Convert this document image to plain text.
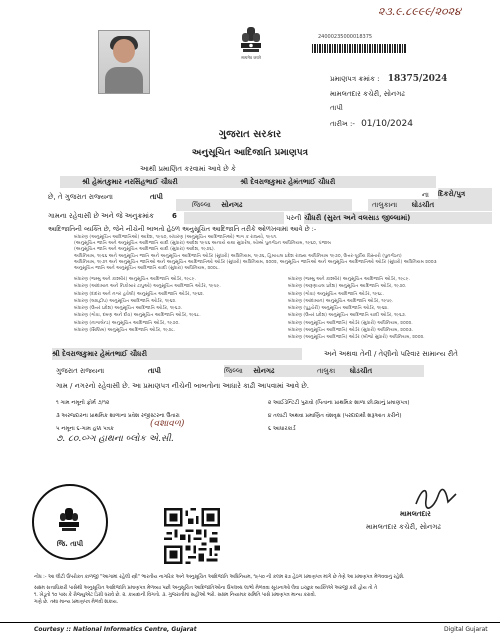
૨૩.૯.૮૯૯૯/૨૦૨૪
सत्यमेव जयते
24000235000018375
પ્રમાણપત્ર ક્રમાંક : 18375/2024
મામલતદાર કચેરી, સોનગઢ
તાપી
તારીખ :- 01/10/2024
ગુજરાત સરકાર
અનુસૂચિત આદિજાતિ પ્રમાણપત્ર
આથી પ્રમાણિત કરવામાં આવે છે કે
શ્રી હેમંતકુમાર નરસિંહભાઈ ચૌધરી	શ્રી દેવરાજકુમાર હેમંતભાઈ ચૌધરી
ના દિકરો/પુત્ર
છે, તે ગુજરાત રાજ્યના	તાપી
જિલ્લા સોનગઢ	તાલુકાના ઘોડચીત
ગામના રહેવાસી છે અને જે અનુક્રમાંક	6	પરની ચૌધરી (સુરત અને વલસાડ જીલ્લામાં)
આદિજાતિની વ્યક્તિ છે, જેને નીચેની બાબતો હેઠળ અનુસૂચિત આદિજાતિ તરીકે ઓળખવામાં આવે છે :-
બંધારણ (અનુસૂચિત આદિજાતિઓ) આદેશ, ૧૯૫૦, બંધારણ (અનુસૂચિત આદિજાતિઓ) ભાગ ક રાજ્યો, ૧૯૫૧.
(અનુસૂચિત જાતિ અને અનુસૂચિત આદિજાતિ યાદી (સુધારા) આદેશ ૧૯૫૬ અન્વયે યથા સુધારેલ, બોમ્બે પુનર્ગઠન અધિનિયમ, ૧૯૬૦, પંજાબ
(અનુસૂચિત જાતિ અને અનુસૂચિત આદિજાતિ યાદી (સુધારા) આદેશ, ૧૯૭૬).
અધિનિયમ, ૧૯૬૬ અને અનુસૂચિત જાતિ અને અનુસૂચિત આદિજાતિ ઓર્ડર (સુધારો) અધિનિયમ, ૧૯૭૬, હિમાચલ પ્રદેશ રાજ્ય અધિનિયમ ૧૯૭૦, ઉત્તર-પૂર્વીય વિસ્તારો (પુનર્ગઠન)
અધિનિયમ, ૧૯૭૧ અને અનુસૂચિત જાતિઓ અને અનુસૂચિત આદિજાતિઓ ઓર્ડર (સુધારો) અધિનિયમ, ૨૦૦૨, અનુસૂચિત જાતિઓ અને અનુસૂચિત આદિજાતિઓ ઓર્ડર (સુધારો) અધિનિયમ ૨૦૦૩
અનુસૂચિત જાતિ અને અનુસૂચિત આદિજાતિ યાદી (સુધારા) અધિનિયમ, ૨૦૦૮.
બંધારણ (જમ્મુ અને કાશ્મીર) અનુસૂચિત આદિજાતિ ઓર્ડર, ૧૯૮૯.
બંધારણ (આંદામાન અને નિકોબાર ટાપુઓ) અનુસૂચિત આદિજાતિ ઓર્ડર, ૧૯૫૯.
બંધારણ (દાદરા અને નગર હવેલી) અનુસૂચિત આદિજાતિ ઓર્ડર, ૧૯૬૨.
બંધારણ (લક્ષદ્વીપ) અનુસૂચિત આદિજાતિ ઓર્ડર, ૧૯૬૨.
બંધારણ (ઉત્તર પ્રદેશ) અનુસૂચિત આદિજાતિ ઓર્ડર, ૧૯૬૭.
બંધારણ (ગોવા, દમણ અને દીવ) અનુસૂચિત આદિજાતિ ઓર્ડર, ૧૯૬૮.
બંધારણ (નાગાલેન્ડ) અનુસૂચિત આદિજાતિ ઓર્ડર, ૧૯૭૦.
બંધારણ (સિક્કિમ) અનુસૂચિત આદિજાતિ ઓર્ડર, ૧૯૭૮.
બંધારણ (જમ્મુ અને કાશ્મીર) અનુસૂચિત આદિજાતિ ઓર્ડર, ૧૯૮૯.
બંધારણ (અરૂણાચલ પ્રદેશ) અનુસૂચિત આદિજાતિ ઓર્ડર, ૧૯૭૦.
બંધારણ (ગોવા) અનુસૂચિત આદિજાતિ ઓર્ડર, ૧૯૬૮.
બંધારણ (આંદામાન) અનુસૂચિત આદિજાતિ ઓર્ડર, ૧૯૫૯.
બંધારણ (પુડુચેરી) અનુસૂચિત આદિજાતિ ઓર્ડર, ૧૯૬૪.
બંધારણ (ઉત્તર પ્રદેશ) અનુસૂચિત આદિજાતિ યાદી ઓર્ડર, ૧૯૬૭.
બંધારણ (અનુસૂચિત આદિજાતિ) ઓર્ડર (સુધારો) અધિનિયમ, ૨૦૦૨.
બંધારણ (અનુસૂચિત આદિજાતિ) ઓર્ડર (સુધારો) અધિનિયમ, ૨૦૦૩.
બંધારણ (અનુસૂચિત આદિજાતિ) ઓર્ડર (બીજો સુધારો) અધિનિયમ, ૨૦૦૨.
શ્રી દેવરાજકુમાર હેમંતભાઈ ચૌધરી	અને અથવા તેની / તેણીનો પરિવાર સામાન્ય રીતે
ગુજરાત રાજ્યના	તાપી	જિલ્લા સોનગઢ	તાલુકા ઘોડચીત
ગામ / નગરનો રહેવાસી છે. આ પ્રમાણપત્ર નીચેની બાબતોના આધારે કાઢી આપવામાં આવે છે.
૧ ગામ નમૂનો ફોર્મ ૭/૧૨
૩ અરજદારના પ્રાથમિક શાળાના પ્રવેશ રજીસ્ટરના ઉતારા
૫ નમૂના ૬-ગામ હક્ક પત્રક
૨ આઈડેન્ટિટી પુરાવો (પિતાના પ્રાથમિક શાળા છોડ્યાનું પ્રમાણપત્ર)
૪ તલાટી અથવા પ્રમાણિત વંશવૃક્ષ (પરદાદાથી શરૂઆત કરીને)
૬ આધારકાર્ડ
(વશાવળ)
૭. ૮૦.વ્ગ્ગ હાથના બ્લોક એ.સી.
જિ. તાપી
મામલતદાર
મામલતદાર કચેરી, સોનગઢ
નોંધ :- આ લીટી ઉપરોક્ત કાળજી "આગામાં રહેલી સ્ત્રી" ભારતીય નાગરિક અને અનુસૂચિત આદિજાતિ અધિનિયમ, ૧૯૫૦ ની કલમ ૨૭ હેઠળ પ્રમાણપત્ર માંગે છે તેણે આ પ્રમાણપત્ર મેળવવાનું રહેશે.
સક્ષમ સત્તાધિકારી પાસેથી અનુસૂચિત આદિજાતિ પ્રમાણપત્ર મેળવ્યા પછી અનુસૂચિત આદિજાતિઓના ઉપલબ્ધ લાભો મેળવવા સૂચનાઓ લેવા ઇચ્છુક વ્યક્તિએ અરજી કરી હોય તો તે
૧. ખેડૂતો ૧૦ પાસ કે ગ્રેજ્યુએટ ડિગ્રી ધરાવે છે. ૨. કાયદાની વિગતો. ૩. ગુજરાતીમાં સહીઓ ભરો. સક્ષમ નિયામક સમિતિ પાસે પ્રમાણપત્ર માન્ય કરાવો.
ગણે છે. તથા માન્ય પ્રમાણપત્ર મેળવી શકાય.
Courtesy :: National Informatics Centre, Gujarat	Digital Gujarat
